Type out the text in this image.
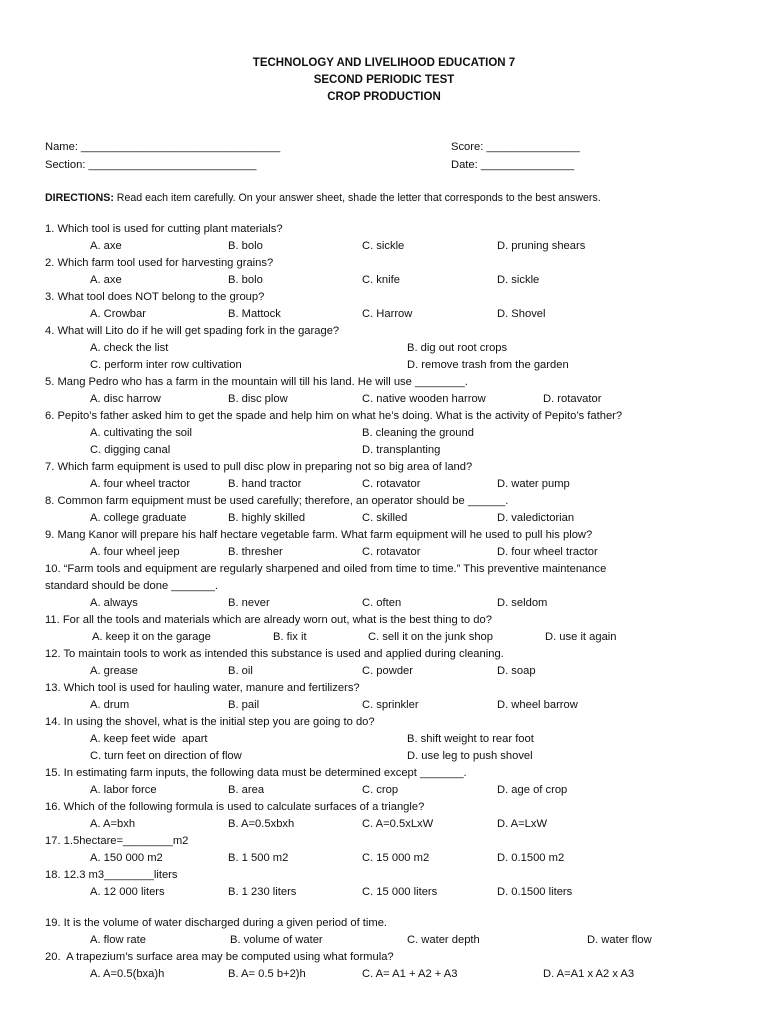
TECHNOLOGY AND LIVELIHOOD EDUCATION 7
SECOND PERIODIC TEST
CROP PRODUCTION
Name: ________________________________
Section: ___________________________
Score: _______________
Date: _______________
DIRECTIONS: Read each item carefully. On your answer sheet, shade the letter that corresponds to the best answers.
1. Which tool is used for cutting plant materials?
A. axe	B. bolo	C. sickle	D. pruning shears
2. Which farm tool used for harvesting grains?
A. axe	B. bolo	C. knife	D. sickle
3. What tool does NOT belong to the group?
A. Crowbar	B. Mattock	C. Harrow	D. Shovel
4. What will Lito do if he will get spading fork in the garage?
A. check the list	B. dig out root crops
C. perform inter row cultivation	D. remove trash from the garden
5. Mang Pedro who has a farm in the mountain will till his land. He will use ________.
A. disc harrow	B. disc plow	C. native wooden harrow	D. rotavator
6. Pepito’s father asked him to get the spade and help him on what he’s doing. What is the activity of Pepito’s father?
A. cultivating the soil	B. cleaning the ground
C. digging canal	D. transplanting
7. Which farm equipment is used to pull disc plow in preparing not so big area of land?
A. four wheel tractor	B. hand tractor	C. rotavator	D. water pump
8. Common farm equipment must be used carefully; therefore, an operator should be ______.
A. college graduate	B. highly skilled	C. skilled	D. valedictorian
9. Mang Kanor will prepare his half hectare vegetable farm. What farm equipment will he used to pull his plow?
A. four wheel jeep	B. thresher	C. rotavator	D. four wheel tractor
10. “Farm tools and equipment are regularly sharpened and oiled from time to time.” This preventive maintenance
standard should be done _______.
A. always	B. never	C. often	D. seldom
11. For all the tools and materials which are already worn out, what is the best thing to do?
A. keep it on the garage	B. fix it	C. sell it on the junk shop	D. use it again
12. To maintain tools to work as intended this substance is used and applied during cleaning.
A. grease	B. oil	C. powder	D. soap
13. Which tool is used for hauling water, manure and fertilizers?
A. drum	B. pail	C. sprinkler	D. wheel barrow
14. In using the shovel, what is the initial step you are going to do?
A. keep feet wide  apart	B. shift weight to rear foot
C. turn feet on direction of flow	D. use leg to push shovel
15. In estimating farm inputs, the following data must be determined except _______.
A. labor force	B. area	C. crop	D. age of crop
16. Which of the following formula is used to calculate surfaces of a triangle?
A. A=bxh	B. A=0.5xbxh	C. A=0.5xLxW	D. A=LxW
17. 1.5hectare=________m2
A. 150 000 m2	B. 1 500 m2	C. 15 000 m2	D. 0.1500 m2
18. 12.3 m3________liters
A. 12 000 liters	B. 1 230 liters	C. 15 000 liters	D. 0.1500 liters
19. It is the volume of water discharged during a given period of time.
A. flow rate	B. volume of water	C. water depth	D. water flow
20.  A trapezium’s surface area may be computed using what formula?
A. A=0.5(bxa)h	B. A= 0.5 b+2)h	C. A= A1 + A2 + A3	D. A=A1 x A2 x A3
